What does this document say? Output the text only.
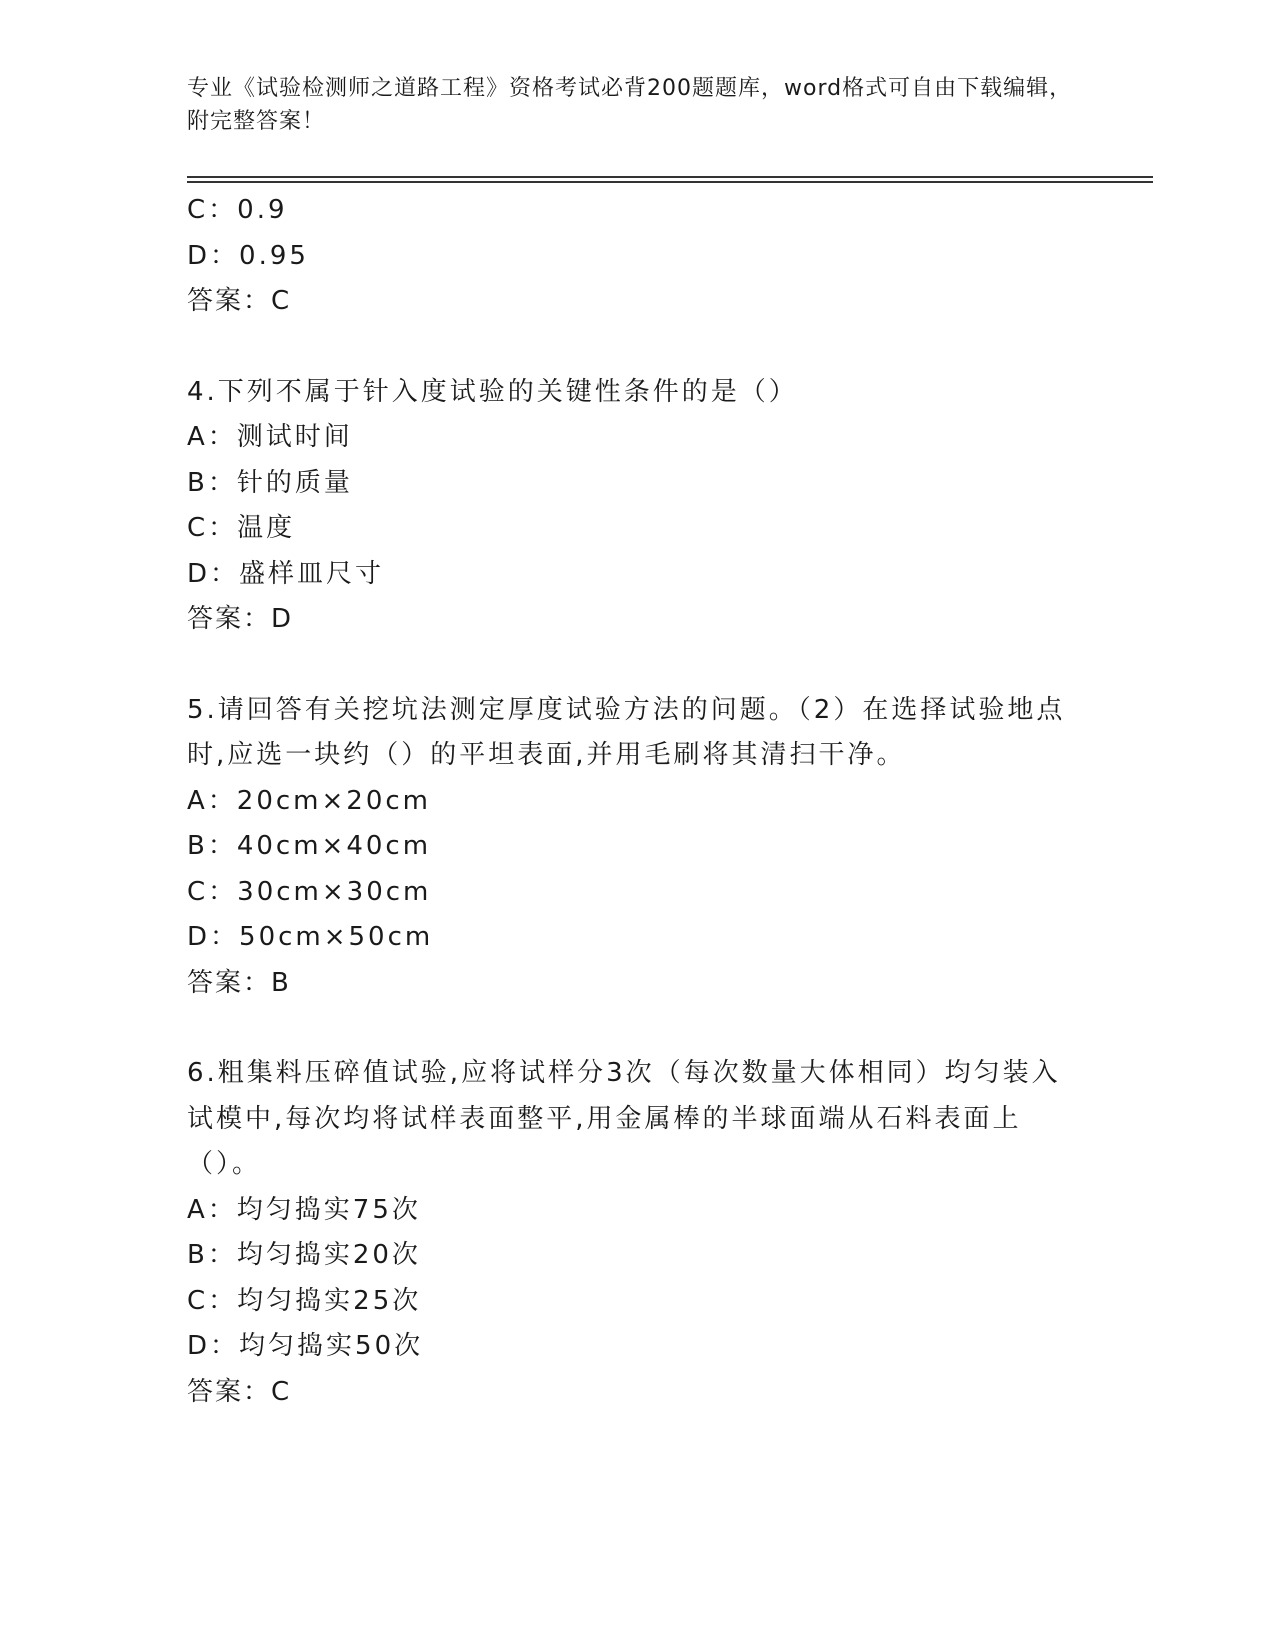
专业《试验检测师之道路工程》资格考试必背200题题库，word格式可自由下载编辑，附完整答案！
C：0.9
D：0.95
答案：C
4.下列不属于针入度试验的关键性条件的是（）
A：测试时间
B：针的质量
C：温度
D：盛样皿尺寸
答案：D
5.请回答有关挖坑法测定厚度试验方法的问题。（2）在选择试验地点时,应选一块约（）的平坦表面,并用毛刷将其清扫干净。
A：20cm×20cm
B：40cm×40cm
C：30cm×30cm
D：50cm×50cm
答案：B
6.粗集料压碎值试验,应将试样分3次（每次数量大体相同）均匀装入试模中,每次均将试样表面整平,用金属棒的半球面端从石料表面上（）。
A：均匀捣实75次
B：均匀捣实20次
C：均匀捣实25次
D：均匀捣实50次
答案：C
